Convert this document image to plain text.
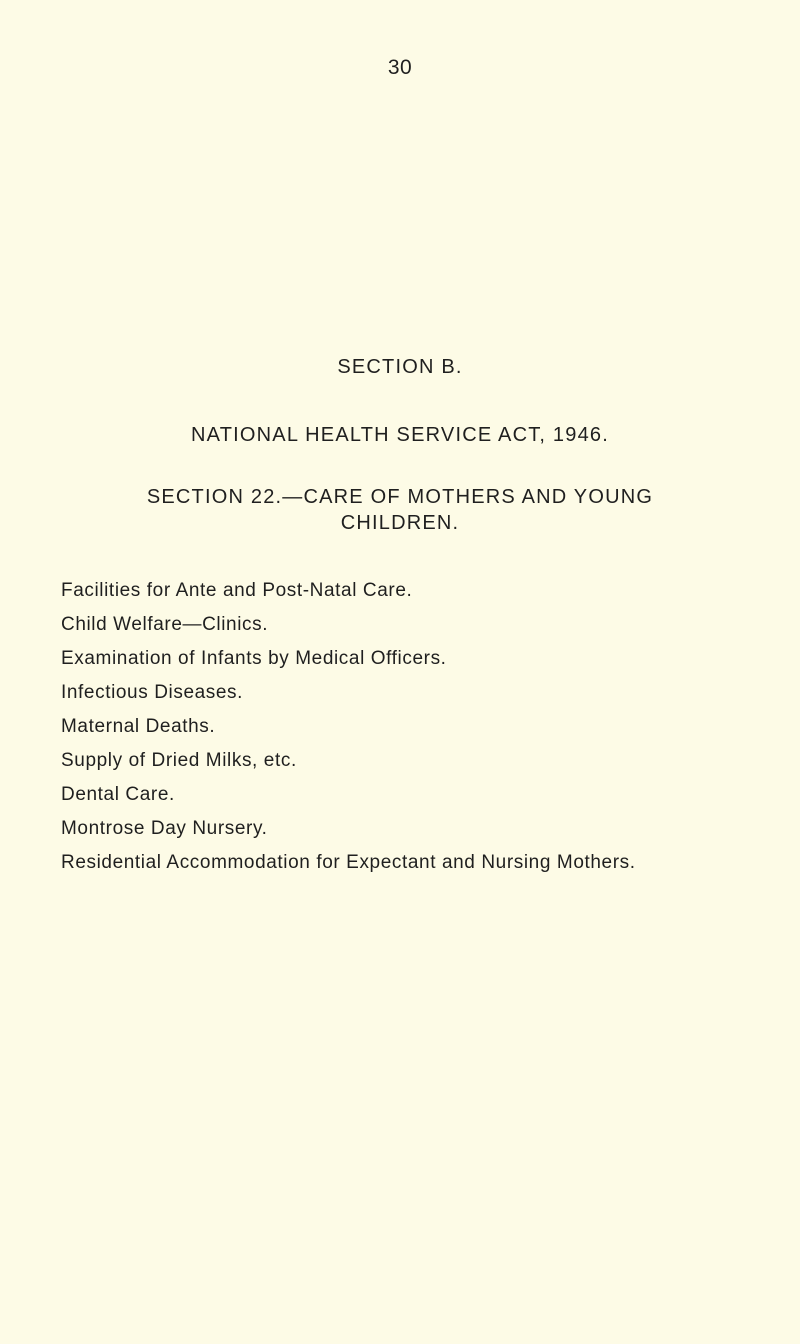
30
SECTION B.
NATIONAL HEALTH SERVICE ACT, 1946.
SECTION 22.—CARE OF MOTHERS AND YOUNG
CHILDREN.
Facilities for Ante and Post-Natal Care.
Child Welfare—Clinics.
Examination of Infants by Medical Officers.
Infectious Diseases.
Maternal Deaths.
Supply of Dried Milks, etc.
Dental Care.
Montrose Day Nursery.
Residential Accommodation for Expectant and Nursing Mothers.
